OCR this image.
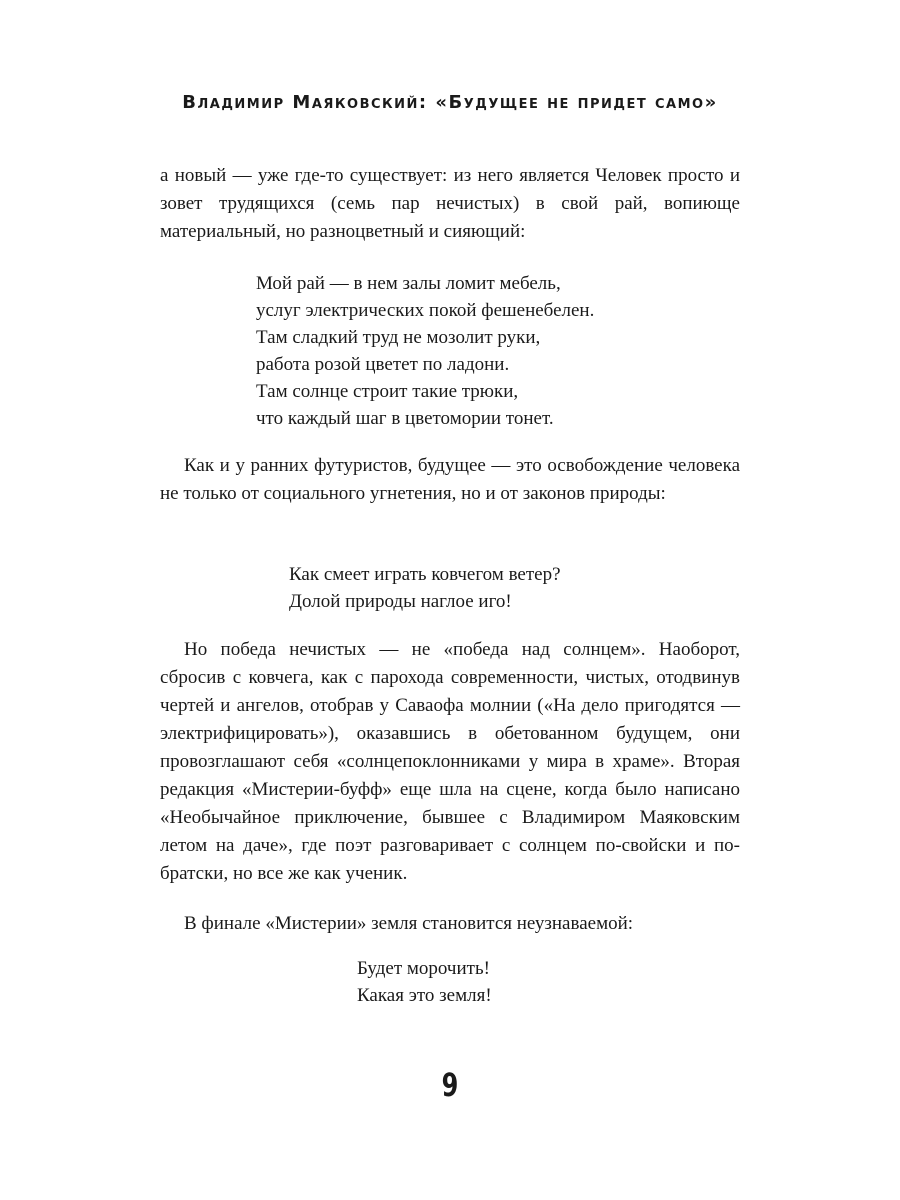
Владимир Маяковский: «Будущее не придет само»

а новый — уже где-то существует: из него является Человек просто и зовет трудящихся (семь пар нечистых) в свой рай, вопиюще материальный, но разноцветный и сияющий:

Мой рай — в нем залы ломит мебель,
услуг электрических покой фешенебелен.
Там сладкий труд не мозолит руки,
работа розой цветет по ладони.
Там солнце строит такие трюки,
что каждый шаг в цветомории тонет.

Как и у ранних футуристов, будущее — это освобождение человека не только от социального угнетения, но и от законов природы:

Как смеет играть ковчегом ветер?
Долой природы наглое иго!

Но победа нечистых — не «победа над солнцем». Наоборот, сбросив с ковчега, как с парохода современности, чистых, отодвинув чертей и ангелов, отобрав у Саваофа молнии («На дело пригодятся — электрифицировать»), оказавшись в обетованном будущем, они провозглашают себя «солнцепоклонниками у мира в храме». Вторая редакция «Мистерии-буфф» еще шла на сцене, когда было написано «Необычайное приключение, бывшее с Владимиром Маяковским летом на даче», где поэт разговаривает с солнцем по-свойски и по-братски, но все же как ученик.

В финале «Мистерии» земля становится неузнаваемой:

Будет морочить!
Какая это земля!
9
